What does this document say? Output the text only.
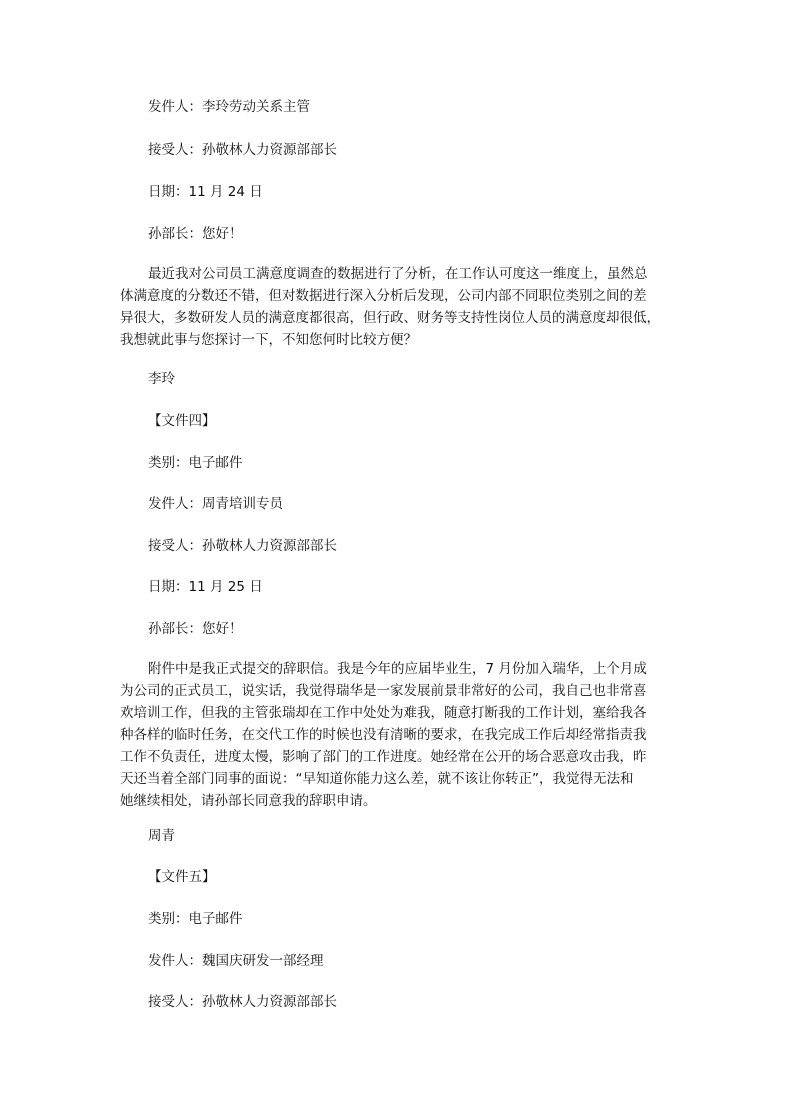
发件人：李玲劳动关系主管
接受人：孙敬林人力资源部部长
日期：11 月 24 日
孙部长：您好！
最近我对公司员工满意度调查的数据进行了分析，在工作认可度这一维度上，虽然总
体满意度的分数还不错，但对数据进行深入分析后发现，公司内部不同职位类别之间的差
异很大，多数研发人员的满意度都很高，但行政、财务等支持性岗位人员的满意度却很低，
我想就此事与您探讨一下，不知您何时比较方便？
李玲
【文件四】
类别：电子邮件
发件人：周青培训专员
接受人：孙敬林人力资源部部长
日期：11 月 25 日
孙部长：您好！
附件中是我正式提交的辞职信。我是今年的应届毕业生，7 月份加入瑞华，上个月成
为公司的正式员工，说实话，我觉得瑞华是一家发展前景非常好的公司，我自己也非常喜
欢培训工作，但我的主管张瑞却在工作中处处为难我，随意打断我的工作计划，塞给我各
种各样的临时任务，在交代工作的时候也没有清晰的要求，在我完成工作后却经常指责我
工作不负责任，进度太慢，影响了部门的工作进度。她经常在公开的场合恶意攻击我，昨
天还当着全部门同事的面说：“早知道你能力这么差，就不该让你转正”，我觉得无法和
她继续相处，请孙部长同意我的辞职申请。
周青
【文件五】
类别：电子邮件
发件人：魏国庆研发一部经理
接受人：孙敬林人力资源部部长
